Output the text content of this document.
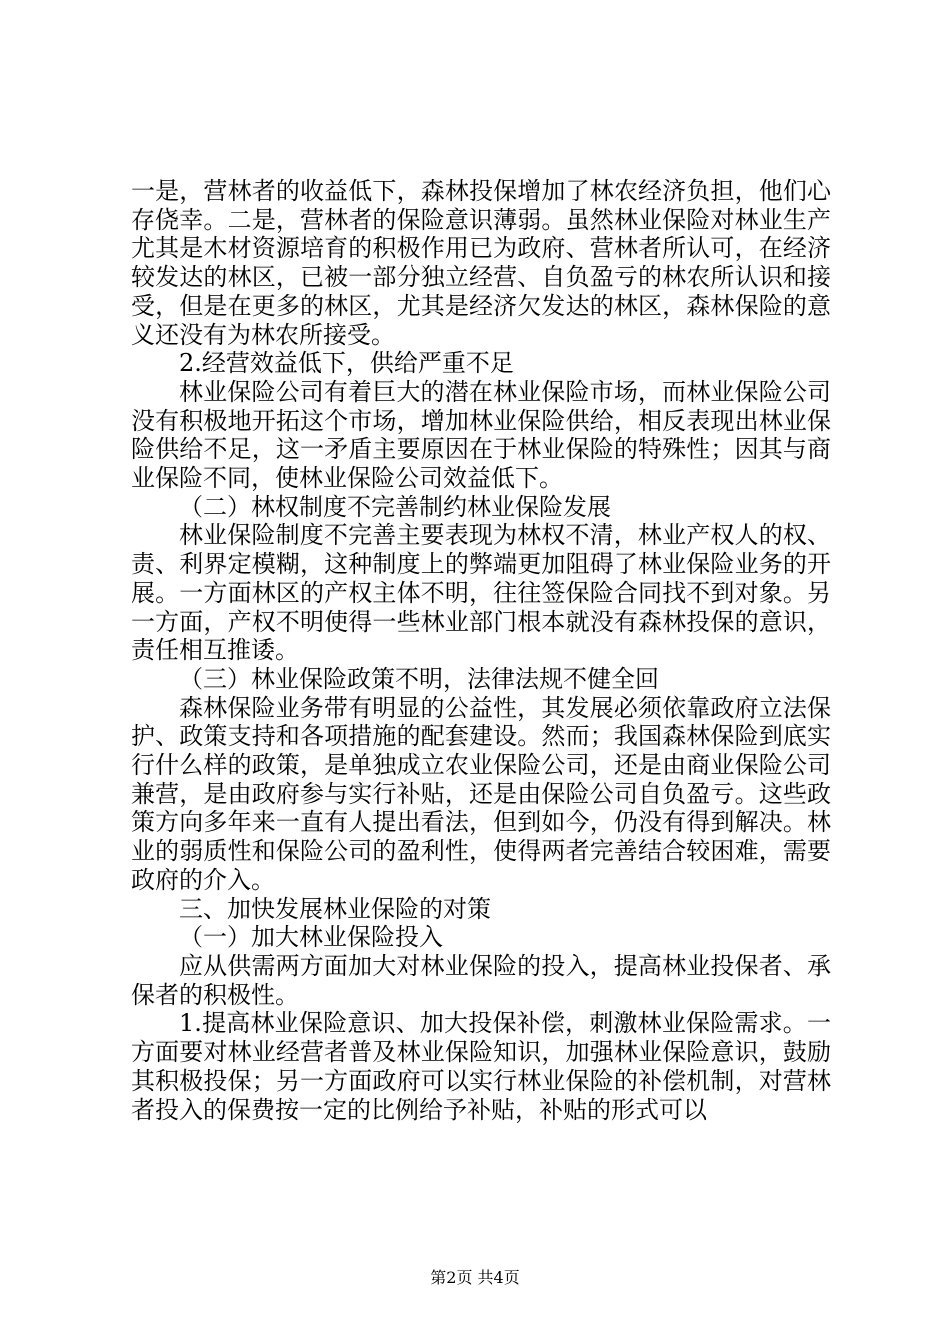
一是，营林者的收益低下，森林投保增加了林农经济负担，他们心存侥幸。二是，营林者的保险意识薄弱。虽然林业保险对林业生产尤其是木材资源培育的积极作用已为政府、营林者所认可，在经济较发达的林区，已被一部分独立经营、自负盈亏的林农所认识和接受，但是在更多的林区，尤其是经济欠发达的林区，森林保险的意义还没有为林农所接受。

2.经营效益低下，供给严重不足

林业保险公司有着巨大的潜在林业保险市场，而林业保险公司没有积极地开拓这个市场，增加林业保险供给，相反表现出林业保险供给不足，这一矛盾主要原因在于林业保险的特殊性；因其与商业保险不同，使林业保险公司效益低下。

（二）林权制度不完善制约林业保险发展

林业保险制度不完善主要表现为林权不清，林业产权人的权、责、利界定模糊，这种制度上的弊端更加阻碍了林业保险业务的开展。一方面林区的产权主体不明，往往签保险合同找不到对象。另一方面，产权不明使得一些林业部门根本就没有森林投保的意识，责任相互推诿。

（三）林业保险政策不明，法律法规不健全回

森林保险业务带有明显的公益性，其发展必须依靠政府立法保护、政策支持和各项措施的配套建设。然而；我国森林保险到底实行什么样的政策，是单独成立农业保险公司，还是由商业保险公司兼营，是由政府参与实行补贴，还是由保险公司自负盈亏。这些政策方向多年来一直有人提出看法，但到如今，仍没有得到解决。林业的弱质性和保险公司的盈利性，使得两者完善结合较困难，需要政府的介入。

三、加快发展林业保险的对策

（一）加大林业保险投入

应从供需两方面加大对林业保险的投入，提高林业投保者、承保者的积极性。

1.提高林业保险意识、加大投保补偿，刺激林业保险需求。一方面要对林业经营者普及林业保险知识，加强林业保险意识，鼓励其积极投保；另一方面政府可以实行林业保险的补偿机制，对营林者投入的保费按一定的比例给予补贴，补贴的形式可以

第2页 共4页
